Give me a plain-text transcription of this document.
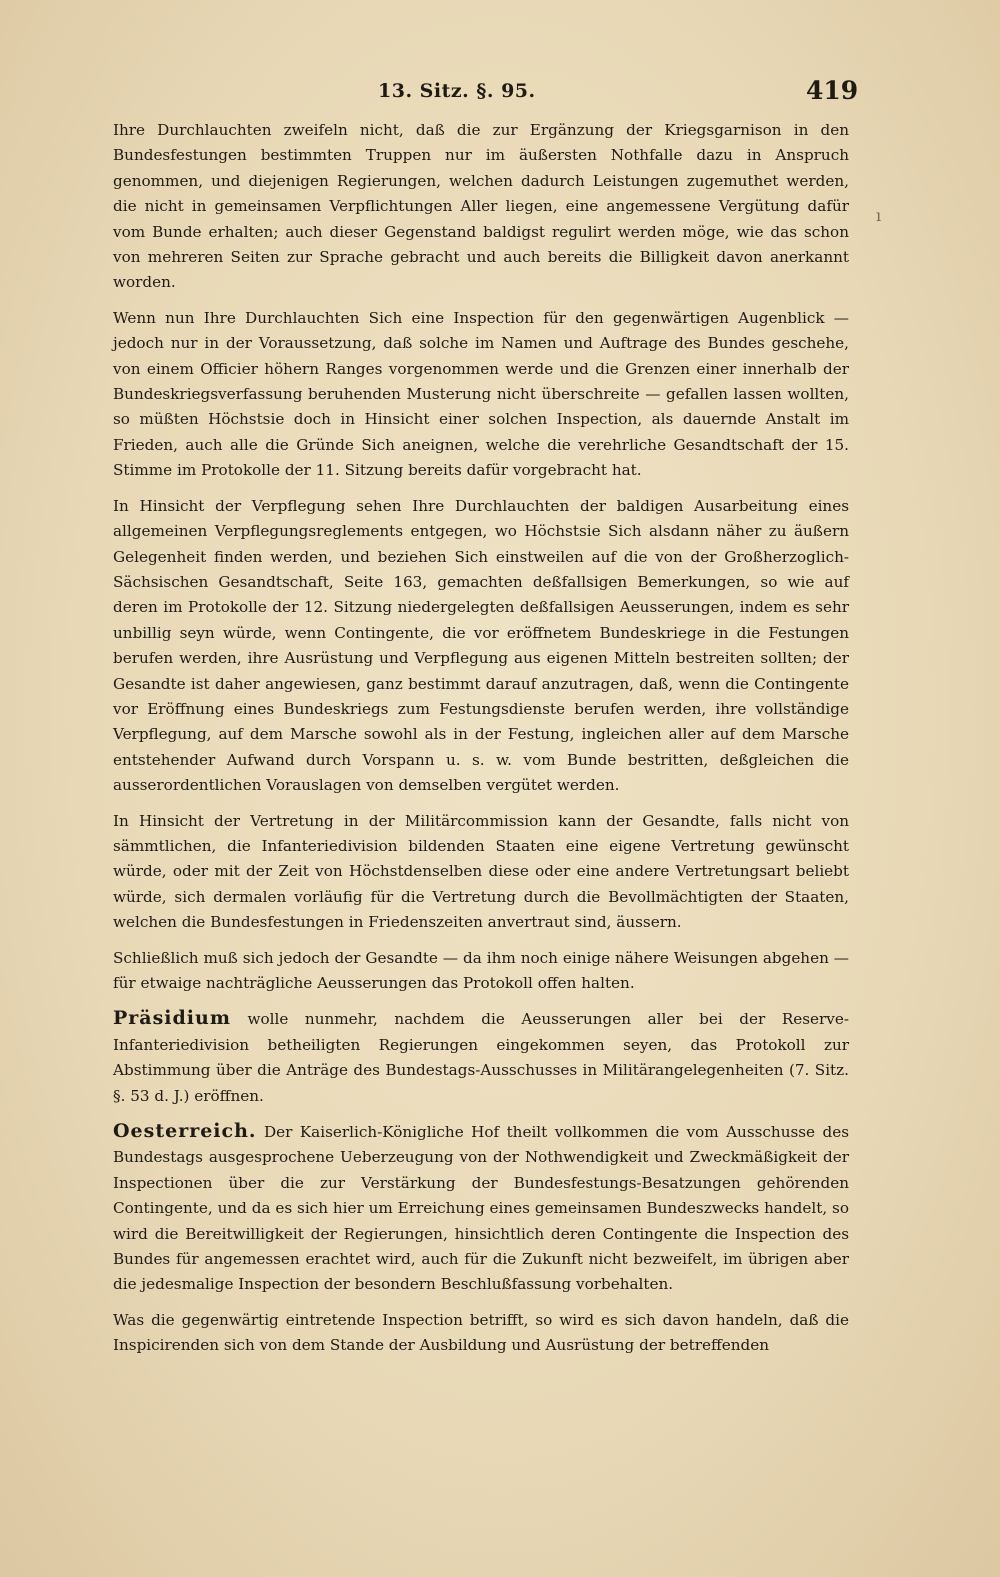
13. Sitz. §. 95.	419

Ihre Durchlauchten zweifeln nicht, daß die zur Ergänzung der Kriegsgarnison in den Bundesfestungen bestimmten Truppen nur im äußersten Nothfalle dazu in Anspruch genommen, und diejenigen Regierungen, welchen dadurch Leistungen zugemuthet werden, die nicht in gemeinsamen Verpflichtungen Aller liegen, eine angemessene Vergütung dafür vom Bunde erhalten; auch dieser Gegenstand baldigst regulirt werden möge, wie das schon von mehreren Seiten zur Sprache gebracht und auch bereits die Billigkeit davon anerkannt worden.

Wenn nun Ihre Durchlauchten Sich eine Inspection für den gegenwärtigen Augenblick — jedoch nur in der Voraussetzung, daß solche im Namen und Auftrage des Bundes geschehe, von einem Officier höhern Ranges vorgenommen werde und die Grenzen einer innerhalb der Bundeskriegsverfassung beruhenden Musterung nicht überschreite — gefallen lassen wollten, so müßten Höchstsie doch in Hinsicht einer solchen Inspection, als dauernde Anstalt im Frieden, auch alle die Gründe Sich aneignen, welche die verehrliche Gesandtschaft der 15. Stimme im Protokolle der 11. Sitzung bereits dafür vorgebracht hat.

In Hinsicht der Verpflegung sehen Ihre Durchlauchten der baldigen Ausarbeitung eines allgemeinen Verpflegungsreglements entgegen, wo Höchstsie Sich alsdann näher zu äußern Gelegenheit finden werden, und beziehen Sich einstweilen auf die von der Großherzoglich-Sächsischen Gesandtschaft, Seite 163, gemachten deßfallsigen Bemerkungen, so wie auf deren im Protokolle der 12. Sitzung niedergelegten deßfallsigen Aeusserungen, indem es sehr unbillig seyn würde, wenn Contingente, die vor eröffnetem Bundeskriege in die Festungen berufen werden, ihre Ausrüstung und Verpflegung aus eigenen Mitteln bestreiten sollten; der Gesandte ist daher angewiesen, ganz bestimmt darauf anzutragen, daß, wenn die Contingente vor Eröffnung eines Bundeskriegs zum Festungsdienste berufen werden, ihre vollständige Verpflegung, auf dem Marsche sowohl als in der Festung, ingleichen aller auf dem Marsche entstehender Aufwand durch Vorspann u. s. w. vom Bunde bestritten, deßgleichen die ausserordentlichen Vorauslagen von demselben vergütet werden.

In Hinsicht der Vertretung in der Militärcommission kann der Gesandte, falls nicht von sämmtlichen, die Infanteriedivision bildenden Staaten eine eigene Vertretung gewünscht würde, oder mit der Zeit von Höchstdenselben diese oder eine andere Vertretungsart beliebt würde, sich dermalen vorläufig für die Vertretung durch die Bevollmächtigten der Staaten, welchen die Bundesfestungen in Friedenszeiten anvertraut sind, äussern.

Schließlich muß sich jedoch der Gesandte — da ihm noch einige nähere Weisungen abgehen — für etwaige nachträgliche Aeusserungen das Protokoll offen halten.

Präsidium wolle nunmehr, nachdem die Aeusserungen aller bei der Reserve-Infanteriedivision betheiligten Regierungen eingekommen seyen, das Protokoll zur Abstimmung über die Anträge des Bundestags-Ausschusses in Militärangelegenheiten (7. Sitz. §. 53 d. J.) eröffnen.

Oesterreich. Der Kaiserlich-Königliche Hof theilt vollkommen die vom Ausschusse des Bundestags ausgesprochene Ueberzeugung von der Nothwendigkeit und Zweckmäßigkeit der Inspectionen über die zur Verstärkung der Bundesfestungs-Besatzungen gehörenden Contingente, und da es sich hier um Erreichung eines gemeinsamen Bundeszwecks handelt, so wird die Bereitwilligkeit der Regierungen, hinsichtlich deren Contingente die Inspection des Bundes für angemessen erachtet wird, auch für die Zukunft nicht bezweifelt, im übrigen aber die jedesmalige Inspection der besondern Beschlußfassung vorbehalten.

Was die gegenwärtig eintretende Inspection betrifft, so wird es sich davon handeln, daß die Inspicirenden sich von dem Stande der Ausbildung und Ausrüstung der betreffenden

ı
